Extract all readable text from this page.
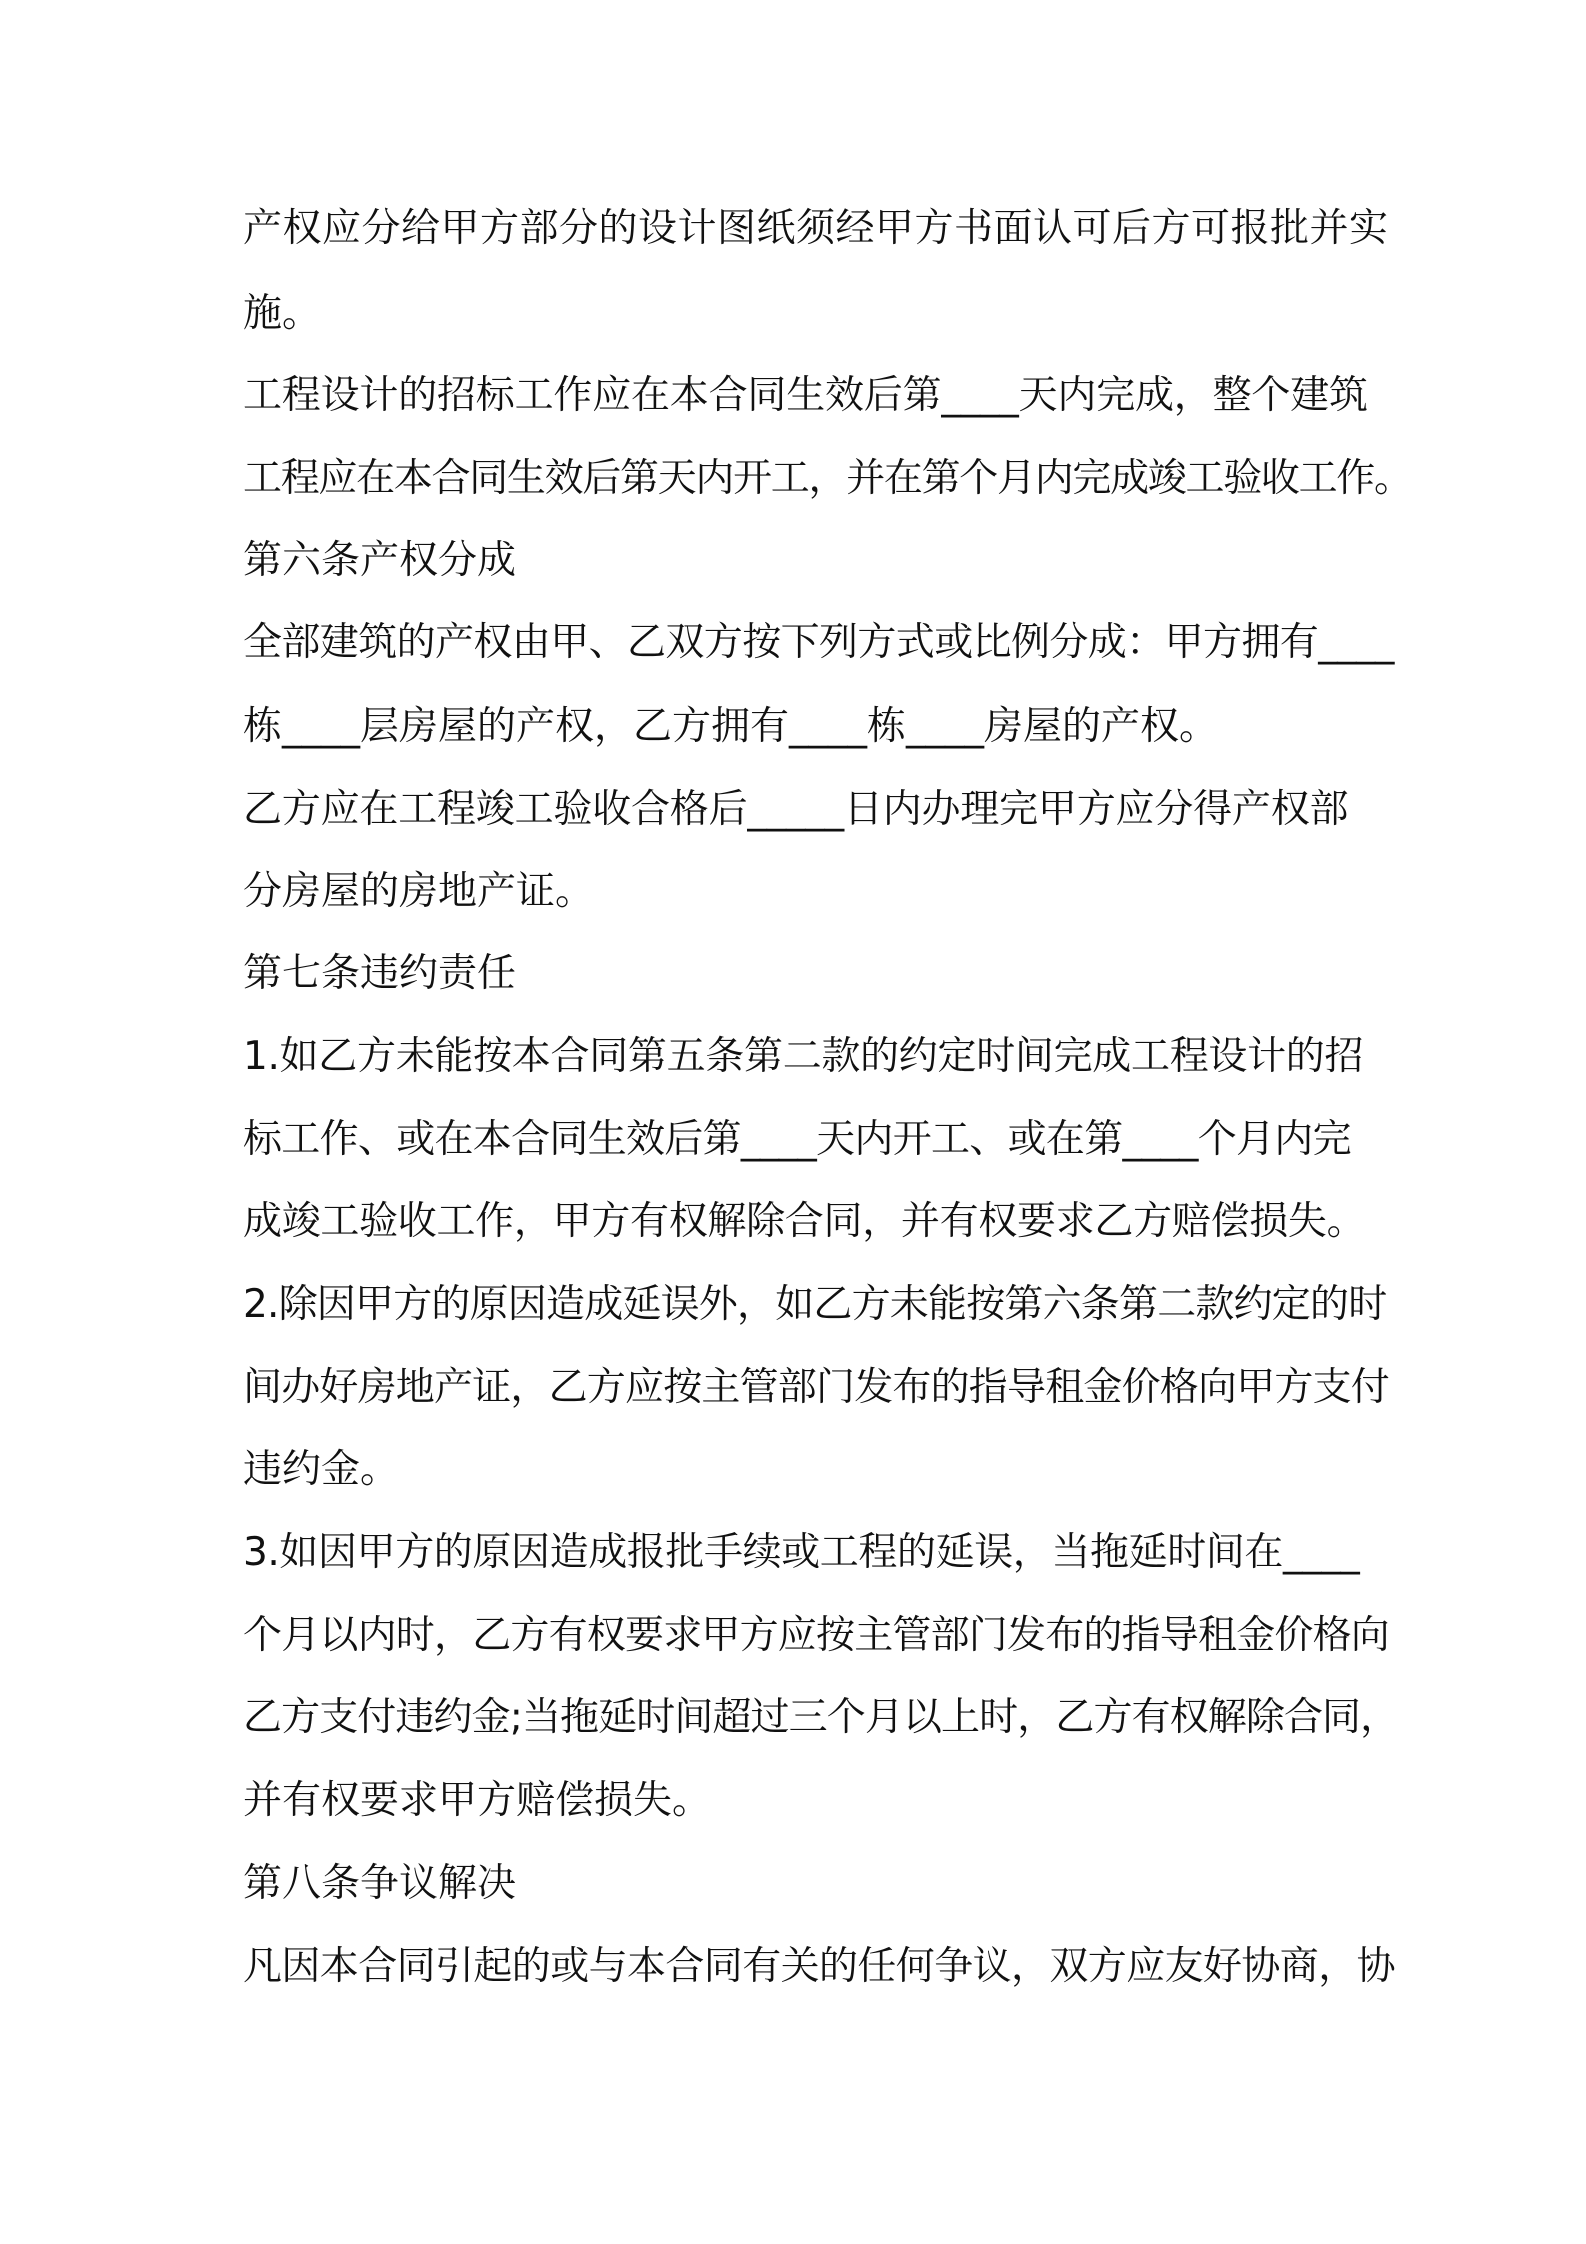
产权应分给甲方部分的设计图纸须经甲方书面认可后方可报批并实
施。
工程设计的招标工作应在本合同生效后第____天内完成，整个建筑
工程应在本合同生效后第天内开工，并在第个月内完成竣工验收工作。
第六条产权分成
全部建筑的产权由甲、乙双方按下列方式或比例分成：甲方拥有____
栋____层房屋的产权，乙方拥有____栋____房屋的产权。
乙方应在工程竣工验收合格后_____日内办理完甲方应分得产权部
分房屋的房地产证。
第七条违约责任
1.如乙方未能按本合同第五条第二款的约定时间完成工程设计的招
标工作、或在本合同生效后第____天内开工、或在第____个月内完
成竣工验收工作，甲方有权解除合同，并有权要求乙方赔偿损失。
2.除因甲方的原因造成延误外，如乙方未能按第六条第二款约定的时
间办好房地产证，乙方应按主管部门发布的指导租金价格向甲方支付
违约金。
3.如因甲方的原因造成报批手续或工程的延误，当拖延时间在____
个月以内时，乙方有权要求甲方应按主管部门发布的指导租金价格向
乙方支付违约金;当拖延时间超过三个月以上时，乙方有权解除合同，
并有权要求甲方赔偿损失。
第八条争议解决
凡因本合同引起的或与本合同有关的任何争议，双方应友好协商，协
